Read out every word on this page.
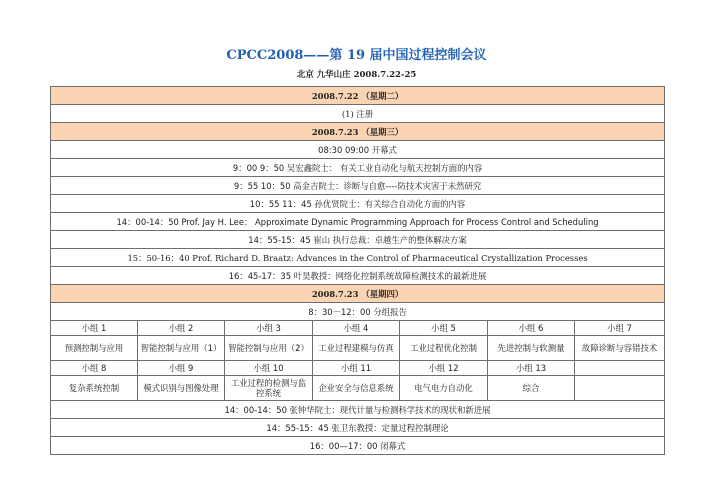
CPCC2008——第 19 届中国过程控制会议
北京 九华山庄 2008.7.22-25
2008.7.22 （星期二）						
(1) 注册						
2008.7.23 （星期三）						
08:30 09:00 开幕式						
9：00 9：50 吴宏鑫院士： 有关工业自动化与航天控制方面的内容						
9：55 10：50 高金吉院士：诊断与自愈----防技术灾害于未然研究						
10：55 11：45 孙优贤院士：有关综合自动化方面的内容						
14：00-14：50 Prof. Jay H. Lee： Approximate Dynamic Programming Approach for Process Control and Scheduling						
14：55-15：45 崔山 执行总裁：卓越生产的整体解决方案						
15：50-16：40 Prof. Richard D. Braatz: Advances in the Control of Pharmaceutical Crystallization Processes						
16：45-17：35 叶昊教授：网络化控制系统故障检测技术的最新进展						
2008.7.23 （星期四）						
8：30－12：00 分组报告						
小组 1	小组 2	小组 3	小组 4	小组 5	小组 6	小组 7
预测控制与应用	智能控制与应用（1）	智能控制与应用（2）	工业过程建模与仿真	工业过程优化控制	先进控制与软测量	故障诊断与容错技术
小组 8	小组 9	小组 10	小组 11	小组 12	小组 13	
复杂系统控制	模式识别与图像处理	工业过程的检测与监控系统	企业安全与信息系统	电气电力自动化	综合	
14：00-14：50 张钟华院士：现代计量与检测科学技术的现状和新进展						
14：55-15：45 张卫东教授：定量过程控制理论						
16：00—17：00 闭幕式						
